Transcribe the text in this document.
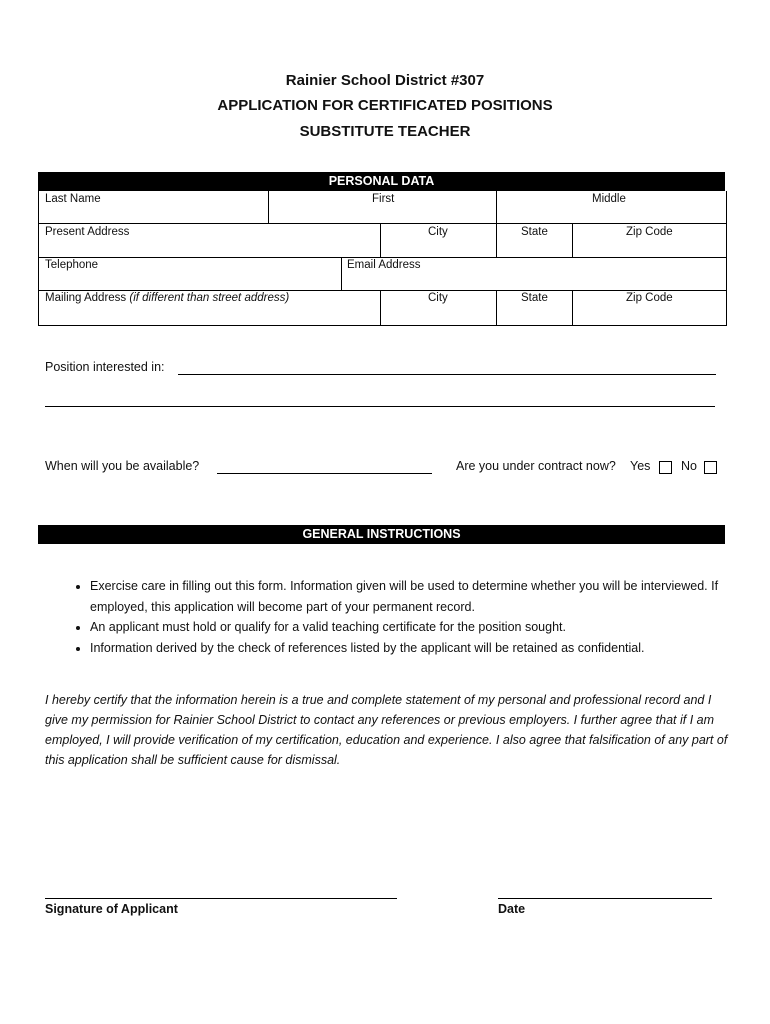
Rainier School District #307
APPLICATION FOR CERTIFICATED POSITIONS
SUBSTITUTE TEACHER
PERSONAL DATA
Last Name	First	Middle
Present Address	City	State	Zip Code
Telephone	Email Address
Mailing Address (if different than street address)	City	State	Zip Code
Position interested in:
When will you be available?	Are you under contract now? Yes No
GENERAL INSTRUCTIONS
• Exercise care in filling out this form. Information given will be used to determine whether you will be interviewed. If employed, this application will become part of your permanent record.
• An applicant must hold or qualify for a valid teaching certificate for the position sought.
• Information derived by the check of references listed by the applicant will be retained as confidential.
I hereby certify that the information herein is a true and complete statement of my personal and professional record and I give my permission for Rainier School District to contact any references or previous employers. I further agree that if I am employed, I will provide verification of my certification, education and experience. I also agree that falsification of any part of this application shall be sufficient cause for dismissal.
Signature of Applicant	Date
